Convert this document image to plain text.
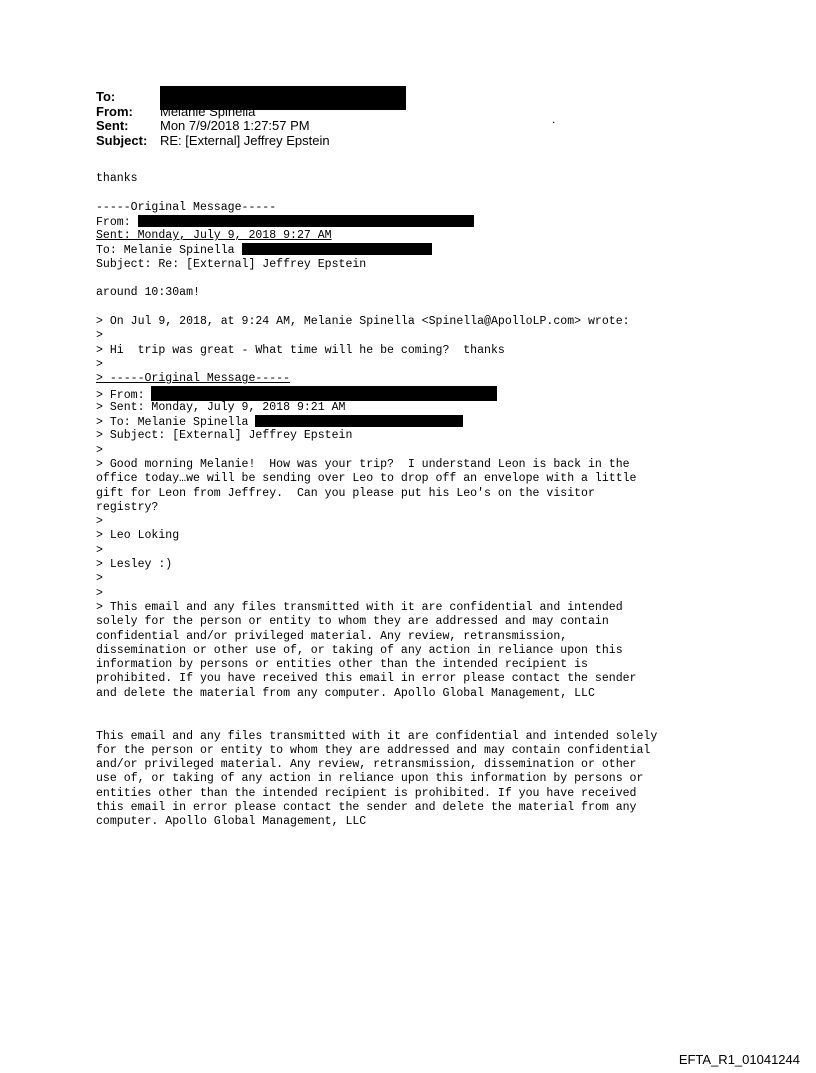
To:
From:	Melanie Spinella
Sent:	Mon 7/9/2018 1:27:57 PM
Subject: RE: [External] Jeffrey Epstein
.
thanks
-----Original Message-----
From:
Sent: Monday, July 9, 2018 9:27 AM
To: Melanie Spinella
Subject: Re: [External] Jeffrey Epstein
around 10:30am!
> On Jul 9, 2018, at 9:24 AM, Melanie Spinella <Spinella@ApolloLP.com> wrote:
>
> Hi  trip was great - What time will he be coming?  thanks
>
> -----Original Message-----
> From:
> Sent: Monday, July 9, 2018 9:21 AM
> To: Melanie Spinella
> Subject: [External] Jeffrey Epstein
>
> Good morning Melanie!  How was your trip?  I understand Leon is back in the
office today…we will be sending over Leo to drop off an envelope with a little
gift for Leon from Jeffrey.  Can you please put his Leo's on the visitor
registry?
>
> Leo Loking
>
> Lesley :)
>
>
> This email and any files transmitted with it are confidential and intended
solely for the person or entity to whom they are addressed and may contain
confidential and/or privileged material. Any review, retransmission,
dissemination or other use of, or taking of any action in reliance upon this
information by persons or entities other than the intended recipient is
prohibited. If you have received this email in error please contact the sender
and delete the material from any computer. Apollo Global Management, LLC
This email and any files transmitted with it are confidential and intended solely
for the person or entity to whom they are addressed and may contain confidential
and/or privileged material. Any review, retransmission, dissemination or other
use of, or taking of any action in reliance upon this information by persons or
entities other than the intended recipient is prohibited. If you have received
this email in error please contact the sender and delete the material from any
computer. Apollo Global Management, LLC
EFTA_R1_01041244
